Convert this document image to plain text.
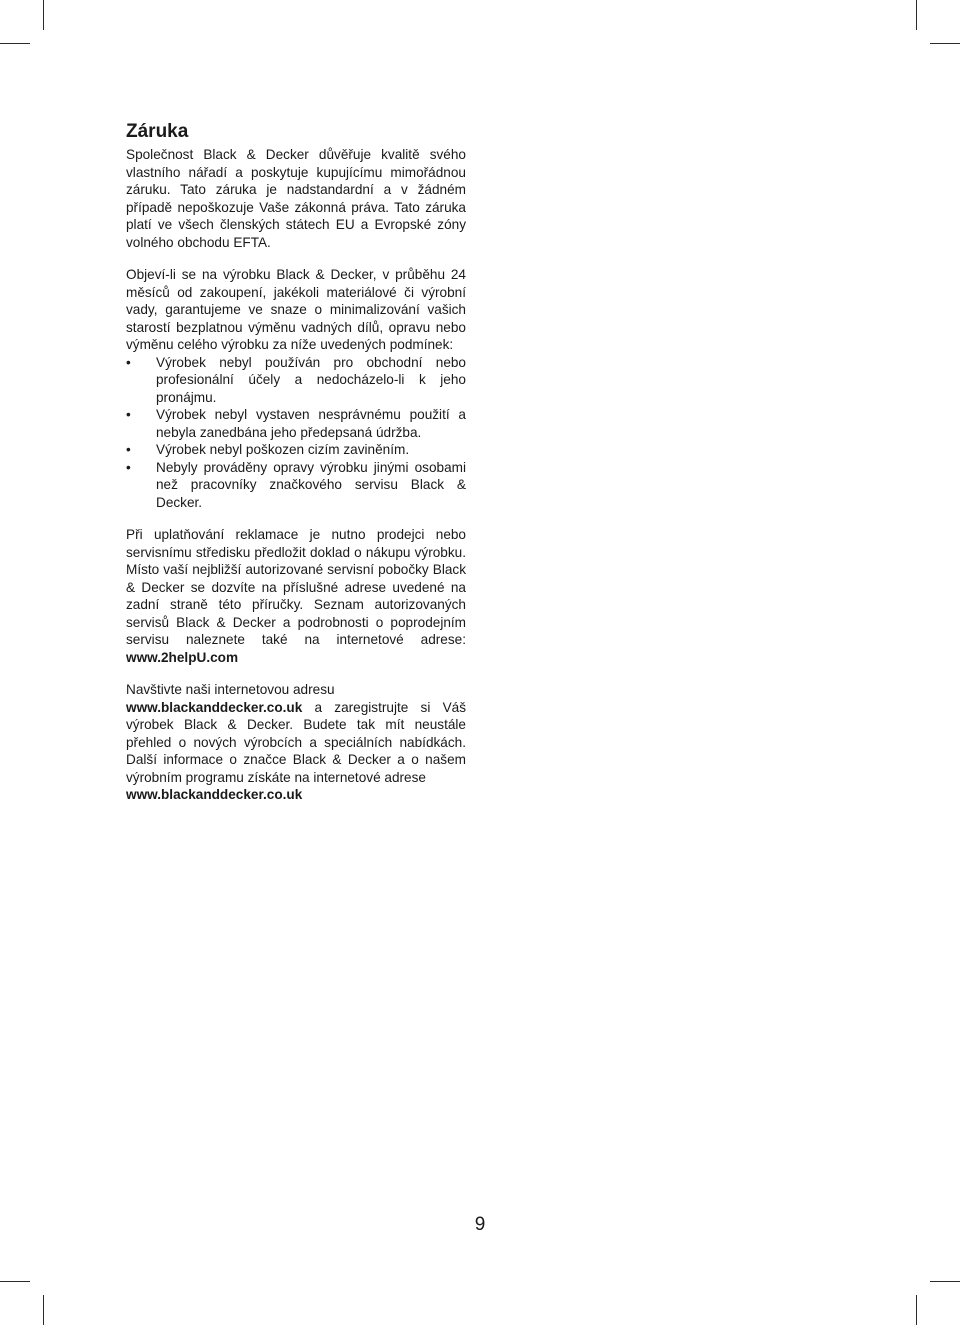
Záruka

Společnost Black & Decker důvěřuje kvalitě svého vlastního nářadí a poskytuje kupujícímu mimořádnou záruku. Tato záruka je nadstandardní a v žádném případě nepoškozuje Vaše zákonná práva. Tato záruka platí ve všech členských státech EU a Evropské zóny volného obchodu EFTA.

Objeví-li se na výrobku Black & Decker, v průběhu 24 měsíců od zakoupení, jakékoli materiálové či výrobní vady, garantujeme ve snaze o minimalizování vašich starostí bezplatnou výměnu vadných dílů, opravu nebo výměnu celého výrobku za níže uvedených podmínek:

• Výrobek nebyl používán pro obchodní nebo profesionální účely a nedocházelo-li k jeho pronájmu.
• Výrobek nebyl vystaven nesprávnému použití a nebyla zanedbána jeho předepsaná údržba.
• Výrobek nebyl poškozen cizím zaviněním.
• Nebyly prováděny opravy výrobku jinými osobami než pracovníky značkového servisu Black & Decker.

Při uplatňování reklamace je nutno prodejci nebo servisnímu středisku předložit doklad o nákupu výrobku. Místo vaší nejbližší autorizované servisní pobočky Black & Decker se dozvíte na příslušné adrese uvedené na zadní straně této příručky. Seznam autorizovaných servisů Black & Decker a podrobnosti o poprodejním servisu naleznete také na internetové adrese: www.2helpU.com

Navštivte naši internetovou adresu
www.blackanddecker.co.uk a zaregistrujte si Váš výrobek Black & Decker. Budete tak mít neustále přehled o nových výrobcích a speciálních nabídkách. Další informace o značce Black & Decker a o našem výrobním programu získáte na internetové adrese
www.blackanddecker.co.uk

9
